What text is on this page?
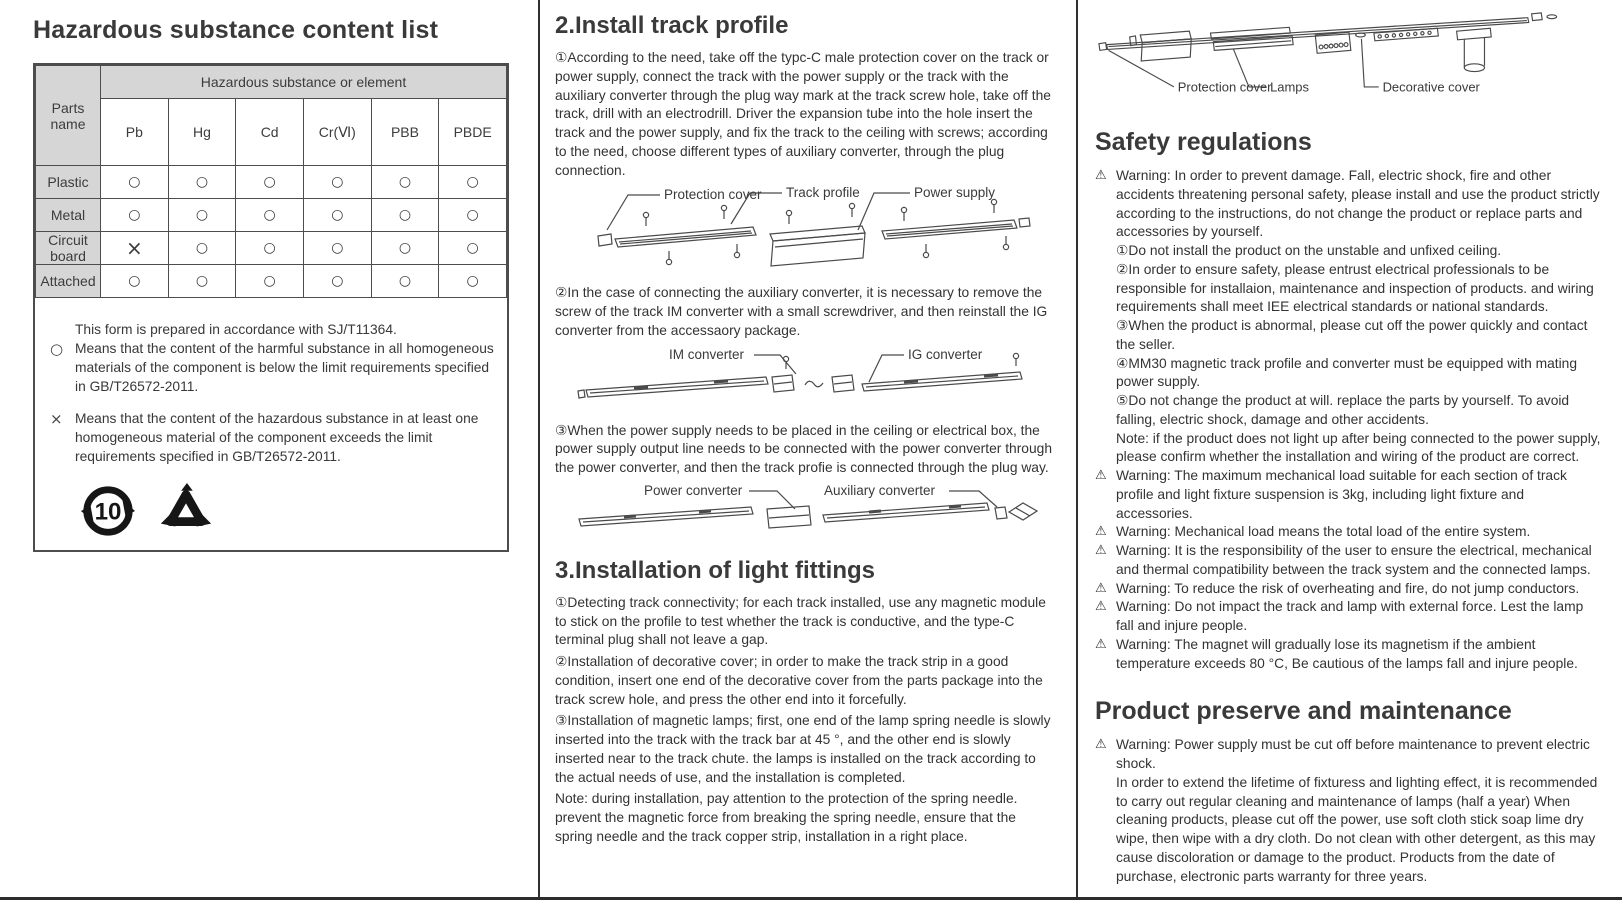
Hazardous substance content list
Parts name	Hazardous substance or element					
	Pb	Hg	Cd	Cr(Ⅵ)	PBB	PBDE
Plastic	○	○	○	○	○	○
Metal	○	○	○	○	○	○
Circuit board	×	○	○	○	○	○
Attached	○	○	○	○	○	○

This form is prepared in accordance with SJ/T11364.

○ Means that the content of the harmful substance in all homogeneous materials of the component is below the limit requirements specified in GB/T26572-2011.

× Means that the content of the hazardous substance in at least one homogeneous material of the component exceeds the limit requirements specified in GB/T26572-2011.

10
2.Install track profile

①According to the need, take off the typc-C male protection cover on the track or power supply, connect the track with the power supply or the track with the auxiliary converter through the plug way mark at the track screw hole, take off the track, drill with an electrodrill. Driver the expansion tube into the hole insert the track and the power supply, and fix the track to the ceiling with screws; according to the need, choose different types of auxiliary converter, through the plug connection.

Protection cover Track profile	Power supply

②In the case of connecting the auxiliary converter, it is necessary to remove the screw of the track IM converter with a small screwdriver, and then reinstall the IG converter from the accessaory package.

IM converter	IG converter

③When the power supply needs to be placed in the ceiling or electrical box, the power supply output line needs to be connected with the power converter through the power converter, and then the track profie is connected through the plug way.

Power converter	Auxiliary converter
3.Installation of light fittings

①Detecting track connectivity; for each track installed, use any magnetic module to stick on the profile to test whether the track is conductive, and the type-C terminal plug shall not leave a gap.

②Installation of decorative cover; in order to make the track strip in a good condition, insert one end of the decorative cover from the parts package into the track screw hole, and press the other end into it forcefully.

③Installation of magnetic lamps; first, one end of the lamp spring needle is slowly inserted into the track with the track bar at 45 °, and the other end is slowly inserted near to the track chute. the lamps is installed on the track according to the actual needs of use, and the installation is completed.

Note: during installation, pay attention to the protection of the spring needle. prevent the magnetic force from breaking the spring needle, ensure that the spring needle and the track copper strip, installation in a right place.

Protection cover
Lamps	Decorative cover
Safety regulations
⚠ Warning: In order to prevent damage. Fall, electric shock, fire and other accidents threatening personal safety, please install and use the product strictly according to the instructions, do not change the product or replace parts and accessories by yourself.
①Do not install the product on the unstable and unfixed ceiling.
②In order to ensure safety, please entrust electrical professionals to be responsible for installaion, maintenance and inspection of products. and wiring requirements shall meet IEE electrical standards or national standards.
③When the product is abnormal, please cut off the power quickly and contact the seller.
④MM30 magnetic track profile and converter must be equipped with mating power supply.
⑤Do not change the product at will. replace the parts by yourself. To avoid falling, electric shock, damage and other accidents.
Note: if the product does not light up after being connected to the power supply, please confirm whether the installation and wiring of the product are correct.
⚠ Warning: The maximum mechanical load suitable for each section of track profile and light fixture suspension is 3kg, including light fixture and accessories.
⚠ Warning: Mechanical load means the total load of the entire system.
⚠ Warning: It is the responsibility of the user to ensure the electrical, mechanical and thermal compatibility between the track system and the connected lamps.
⚠ Warning: To reduce the risk of overheating and fire, do not jump conductors.
⚠ Warning: Do not impact the track and lamp with external force. Lest the lamp fall and injure people.
⚠ Warning: The magnet will gradually lose its magnetism if the ambient temperature exceeds 80 °C, Be cautious of the lamps fall and injure people.
Product preserve and maintenance
⚠ Warning: Power supply must be cut off before maintenance to prevent electric shock.
In order to extend the lifetime of fixturess and lighting effect, it is recommended to carry out regular cleaning and maintenance of lamps (half a year) When cleaning products, please cut off the power, use soft cloth stick soap lime dry wipe, then wipe with a dry cloth. Do not clean with other detergent, as this may cause discoloration or damage to the product. Products from the date of purchase, electronic parts warranty for three years.
